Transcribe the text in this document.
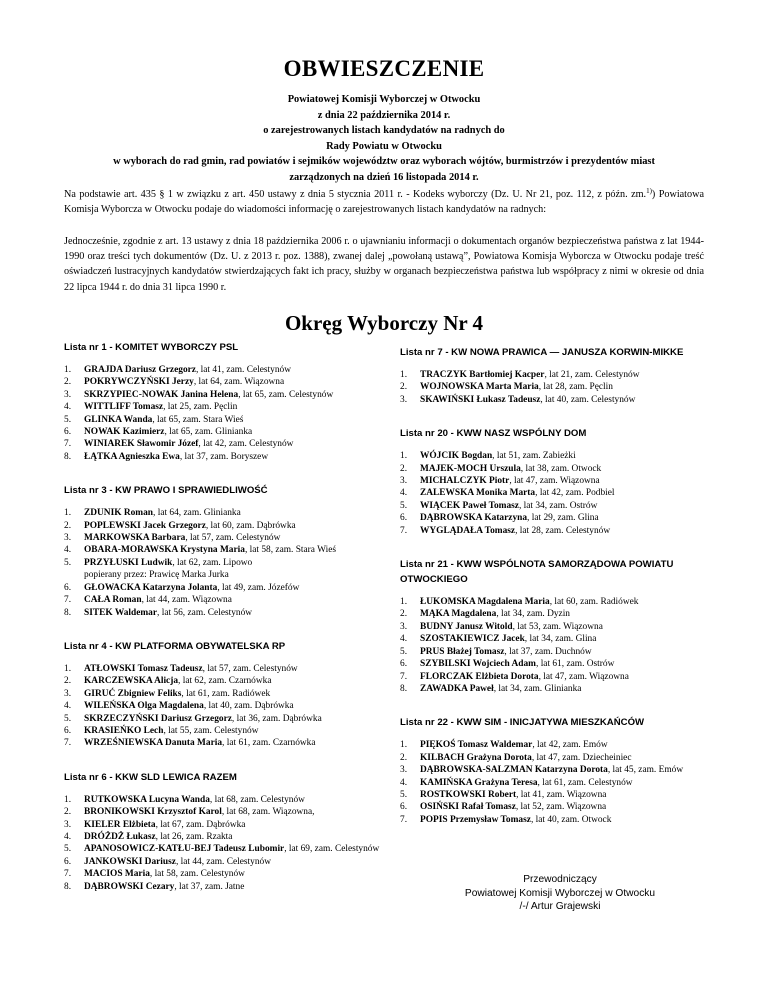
OBWIESZCZENIE
Powiatowej Komisji Wyborczej w Otwocku
z dnia 22 października 2014 r.
o zarejestrowanych listach kandydatów na radnych do
Rady Powiatu w Otwocku
w wyborach do rad gmin, rad powiatów i sejmików województw oraz wyborach wójtów, burmistrzów i prezydentów miast
zarządzonych na dzień 16 listopada 2014 r.
Na podstawie art. 435 § 1 w związku z art. 450 ustawy z dnia 5 stycznia 2011 r. - Kodeks wyborczy (Dz. U. Nr 21, poz. 112, z późn. zm.$^{1)}$) Powiatowa Komisja Wyborcza w Otwocku podaje do wiadomości informację o zarejestrowanych listach kandydatów na radnych:
Jednocześnie, zgodnie z art. 13 ustawy z dnia 18 października 2006 r. o ujawnianiu informacji o dokumentach organów bezpieczeństwa państwa z lat 1944-1990 oraz treści tych dokumentów (Dz. U. z 2013 r. poz. 1388), zwanej dalej „powołaną ustawą”, Powiatowa Komisja Wyborcza w Otwocku podaje treść oświadczeń lustracyjnych kandydatów stwierdzających fakt ich pracy, służby w organach bezpieczeństwa państwa lub współpracy z nimi w okresie od dnia 22 lipca 1944 r. do dnia 31 lipca 1990 r.
Okręg Wyborczy Nr 4
Lista nr 1 - KOMITET WYBORCZY PSL
1.	GRAJDA Dariusz Grzegorz, lat 41, zam. Celestynów
2.	POKRYWCZYŃSKI Jerzy, lat 64, zam. Wiązowna
3.	SKRZYPIEC-NOWAK Janina Helena, lat 65, zam. Celestynów
4.	WITTLIFF Tomasz, lat 25, zam. Pęclin
5.	GLINKA Wanda, lat 65, zam. Stara Wieś
6.	NOWAK Kazimierz, lat 65, zam. Glinianka
7.	WINIAREK Sławomir Józef, lat 42, zam. Celestynów
8.	ŁĄTKA Agnieszka Ewa, lat 37, zam. Boryszew
Lista nr 3 - KW PRAWO I SPRAWIEDLIWOŚĆ
1.	ZDUNIK Roman, lat 64, zam. Glinianka
2.	POPLEWSKI Jacek Grzegorz, lat 60, zam. Dąbrówka
3.	MARKOWSKA Barbara, lat 57, zam. Celestynów
4.	OBARA-MORAWSKA Krystyna Maria, lat 58, zam. Stara Wieś
5.	PRZYŁUSKI Ludwik, lat 62, zam. Lipowo
popierany przez: Prawicę Marka Jurka
6.	GŁOWACKA Katarzyna Jolanta, lat 49, zam. Józefów
7.	CAŁA Roman, lat 44, zam. Wiązowna
8.	SITEK Waldemar, lat 56, zam. Celestynów
Lista nr 4 - KW PLATFORMA OBYWATELSKA RP
1.	ATŁOWSKI Tomasz Tadeusz, lat 57, zam. Celestynów
2.	KARCZEWSKA Alicja, lat 62, zam. Czarnówka
3.	GIRUĆ Zbigniew Feliks, lat 61, zam. Radiówek
4.	WILEŃSKA Olga Magdalena, lat 40, zam. Dąbrówka
5.	SKRZECZYŃSKI Dariusz Grzegorz, lat 36, zam. Dąbrówka
6.	KRASIEŃKO Lech, lat 55, zam. Celestynów
7.	WRZEŚNIEWSKA Danuta Maria, lat 61, zam. Czarnówka
Lista nr 6 - KKW SLD LEWICA RAZEM
1.	RUTKOWSKA Lucyna Wanda, lat 68, zam. Celestynów
2.	BRONIKOWSKI Krzysztof Karol, lat 68, zam. Wiązowna,
3.	KIELER Elżbieta, lat 67, zam. Dąbrówka
4.	DRÓŻDŻ Łukasz, lat 26, zam. Rzakta
5.	APANOSOWICZ-KATŁU-BEJ Tadeusz Lubomir, lat 69, zam. Celestynów
6.	JANKOWSKI Dariusz, lat 44, zam. Celestynów
7.	MACIOS Maria, lat 58, zam. Celestynów
8.	DĄBROWSKI Cezary, lat 37, zam. Jatne
Lista nr 7 - KW NOWA PRAWICA — JANUSZA KORWIN-MIKKE
1.	TRACZYK Bartłomiej Kacper, lat 21, zam. Celestynów
2.	WOJNOWSKA Marta Maria, lat 28, zam. Pęclin
3.	SKAWIŃSKI Łukasz Tadeusz, lat 40, zam. Celestynów
Lista nr 20 - KWW NASZ WSPÓLNY DOM
1.	WÓJCIK Bogdan, lat 51, zam. Zabieżki
2.	MAJEK-MOCH Urszula, lat 38, zam. Otwock
3.	MICHALCZYK Piotr, lat 47, zam. Wiązowna
4.	ZALEWSKA Monika Marta, lat 42, zam. Podbiel
5.	WIĄCEK Paweł Tomasz, lat 34, zam. Ostrów
6.	DĄBROWSKA Katarzyna, lat 29, zam. Glina
7.	WYGLĄDAŁA Tomasz, lat 28, zam. Celestynów
Lista nr 21 - KWW WSPÓLNOTA SAMORZĄDOWA POWIATU OTWOCKIEGO
1.	ŁUKOMSKA Magdalena Maria, lat 60, zam. Radiówek
2.	MĄKA Magdalena, lat 34, zam. Dyzin
3.	BUDNY Janusz Witold, lat 53, zam. Wiązowna
4.	SZOSTAKIEWICZ Jacek, lat 34, zam. Glina
5.	PRUS Błażej Tomasz, lat 37, zam. Duchnów
6.	SZYBILSKI Wojciech Adam, lat 61, zam. Ostrów
7.	FLORCZAK Elżbieta Dorota, lat 47, zam. Wiązowna
8.	ZAWADKA Paweł, lat 34, zam. Glinianka
Lista nr 22 - KWW SIM - INICJATYWA MIESZKAŃCÓW
1.	PIĘKOŚ Tomasz Waldemar, lat 42, zam. Emów
2.	KILBACH Grażyna Dorota, lat 47, zam. Dziecheiniec
3.	DĄBROWSKA-SALZMAN Katarzyna Dorota, lat 45, zam. Emów
4.	KAMIŃSKA Grażyna Teresa, lat 61, zam. Celestynów
5.	ROSTKOWSKI Robert, lat 41, zam. Wiązowna
6.	OSIŃSKI Rafał Tomasz, lat 52, zam. Wiązowna
7.	POPIS Przemysław Tomasz, lat 40, zam. Otwock
Przewodniczący
Powiatowej Komisji Wyborczej w Otwocku
/-/ Artur Grajewski
